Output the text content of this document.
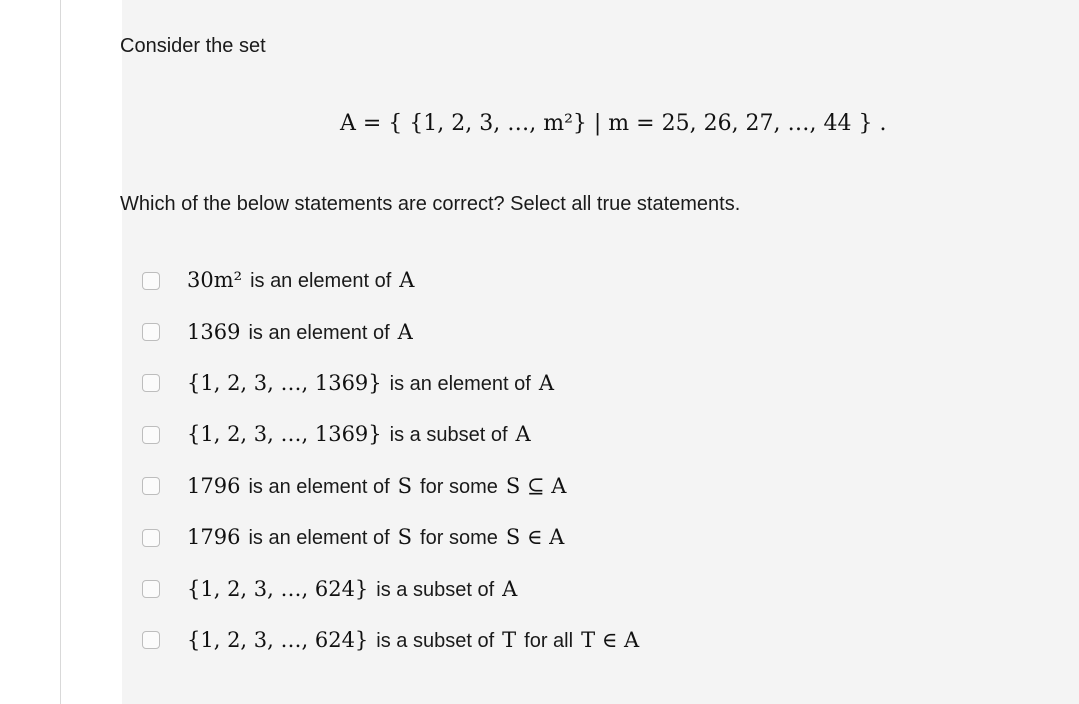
Consider the set
A = { {1, 2, 3, …, m²} | m = 25, 26, 27, …, 44 } .
Which of the below statements are correct? Select all true statements.
30m² is an element of A
1369 is an element of A
{1, 2, 3, …, 1369} is an element of A
{1, 2, 3, …, 1369} is a subset of A
1796 is an element of S for some S ⊆ A
1796 is an element of S for some S ∈ A
{1, 2, 3, …, 624} is a subset of A
{1, 2, 3, …, 624} is a subset of T for all T ∈ A
